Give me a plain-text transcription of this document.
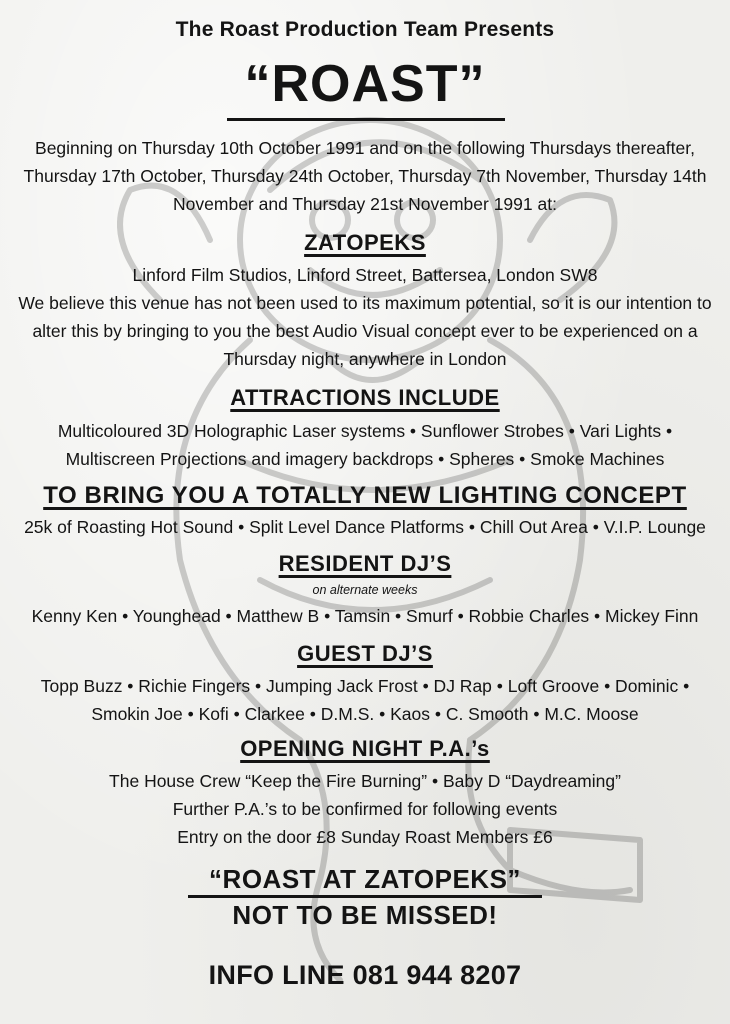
The Roast Production Team Presents
“ROAST”
Beginning on Thursday 10th October 1991 and on the following Thursdays thereafter,
Thursday 17th October, Thursday 24th October, Thursday 7th November, Thursday 14th
November and Thursday 21st November 1991 at:
ZATOPEKS
Linford Film Studios, Linford Street, Battersea, London SW8
We believe this venue has not been used to its maximum potential, so it is our intention to
alter this by bringing to you the best Audio Visual concept ever to be experienced on a
Thursday night, anywhere in London
ATTRACTIONS INCLUDE
Multicoloured 3D Holographic Laser systems • Sunflower Strobes • Vari Lights •
Multiscreen Projections and imagery backdrops • Spheres • Smoke Machines
TO BRING YOU A TOTALLY NEW LIGHTING CONCEPT
25k of Roasting Hot Sound • Split Level Dance Platforms • Chill Out Area • V.I.P. Lounge
RESIDENT DJ’S
on alternate weeks
Kenny Ken • Younghead • Matthew B • Tamsin • Smurf • Robbie Charles • Mickey Finn
GUEST DJ’S
Topp Buzz • Richie Fingers • Jumping Jack Frost • DJ Rap • Loft Groove • Dominic •
Smokin Joe • Kofi • Clarkee • D.M.S. • Kaos • C. Smooth • M.C. Moose
OPENING NIGHT P.A.’s
The House Crew “Keep the Fire Burning” • Baby D “Daydreaming”
Further P.A.’s to be confirmed for following events
Entry on the door £8 Sunday Roast Members £6
“ROAST AT ZATOPEKS”
NOT TO BE MISSED!
INFO LINE 081 944 8207
